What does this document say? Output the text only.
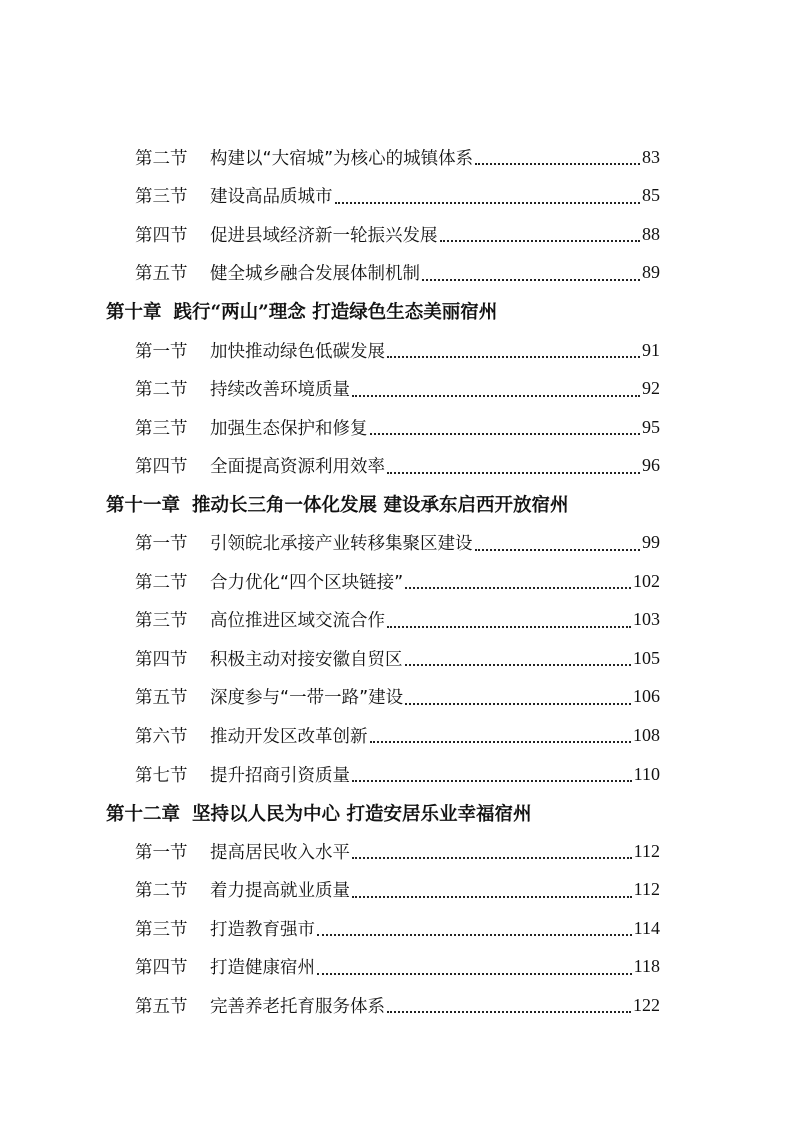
第二节	构建以“大宿城”为核心的城镇体系	83
第三节	建设高品质城市	85
第四节	促进县域经济新一轮振兴发展	88
第五节	健全城乡融合发展体制机制	89
第十章 践行“两山”理念 打造绿色生态美丽宿州
第一节	加快推动绿色低碳发展	91
第二节	持续改善环境质量	92
第三节	加强生态保护和修复	95
第四节	全面提高资源利用效率	96
第十一章 推动长三角一体化发展 建设承东启西开放宿州
第一节	引领皖北承接产业转移集聚区建设	99
第二节	合力优化“四个区块链接”	102
第三节	高位推进区域交流合作	103
第四节	积极主动对接安徽自贸区	105
第五节	深度参与“一带一路”建设	106
第六节	推动开发区改革创新	108
第七节	提升招商引资质量	110
第十二章 坚持以人民为中心 打造安居乐业幸福宿州
第一节	提高居民收入水平	112
第二节	着力提高就业质量	112
第三节	打造教育强市	114
第四节	打造健康宿州	118
第五节	完善养老托育服务体系	122
